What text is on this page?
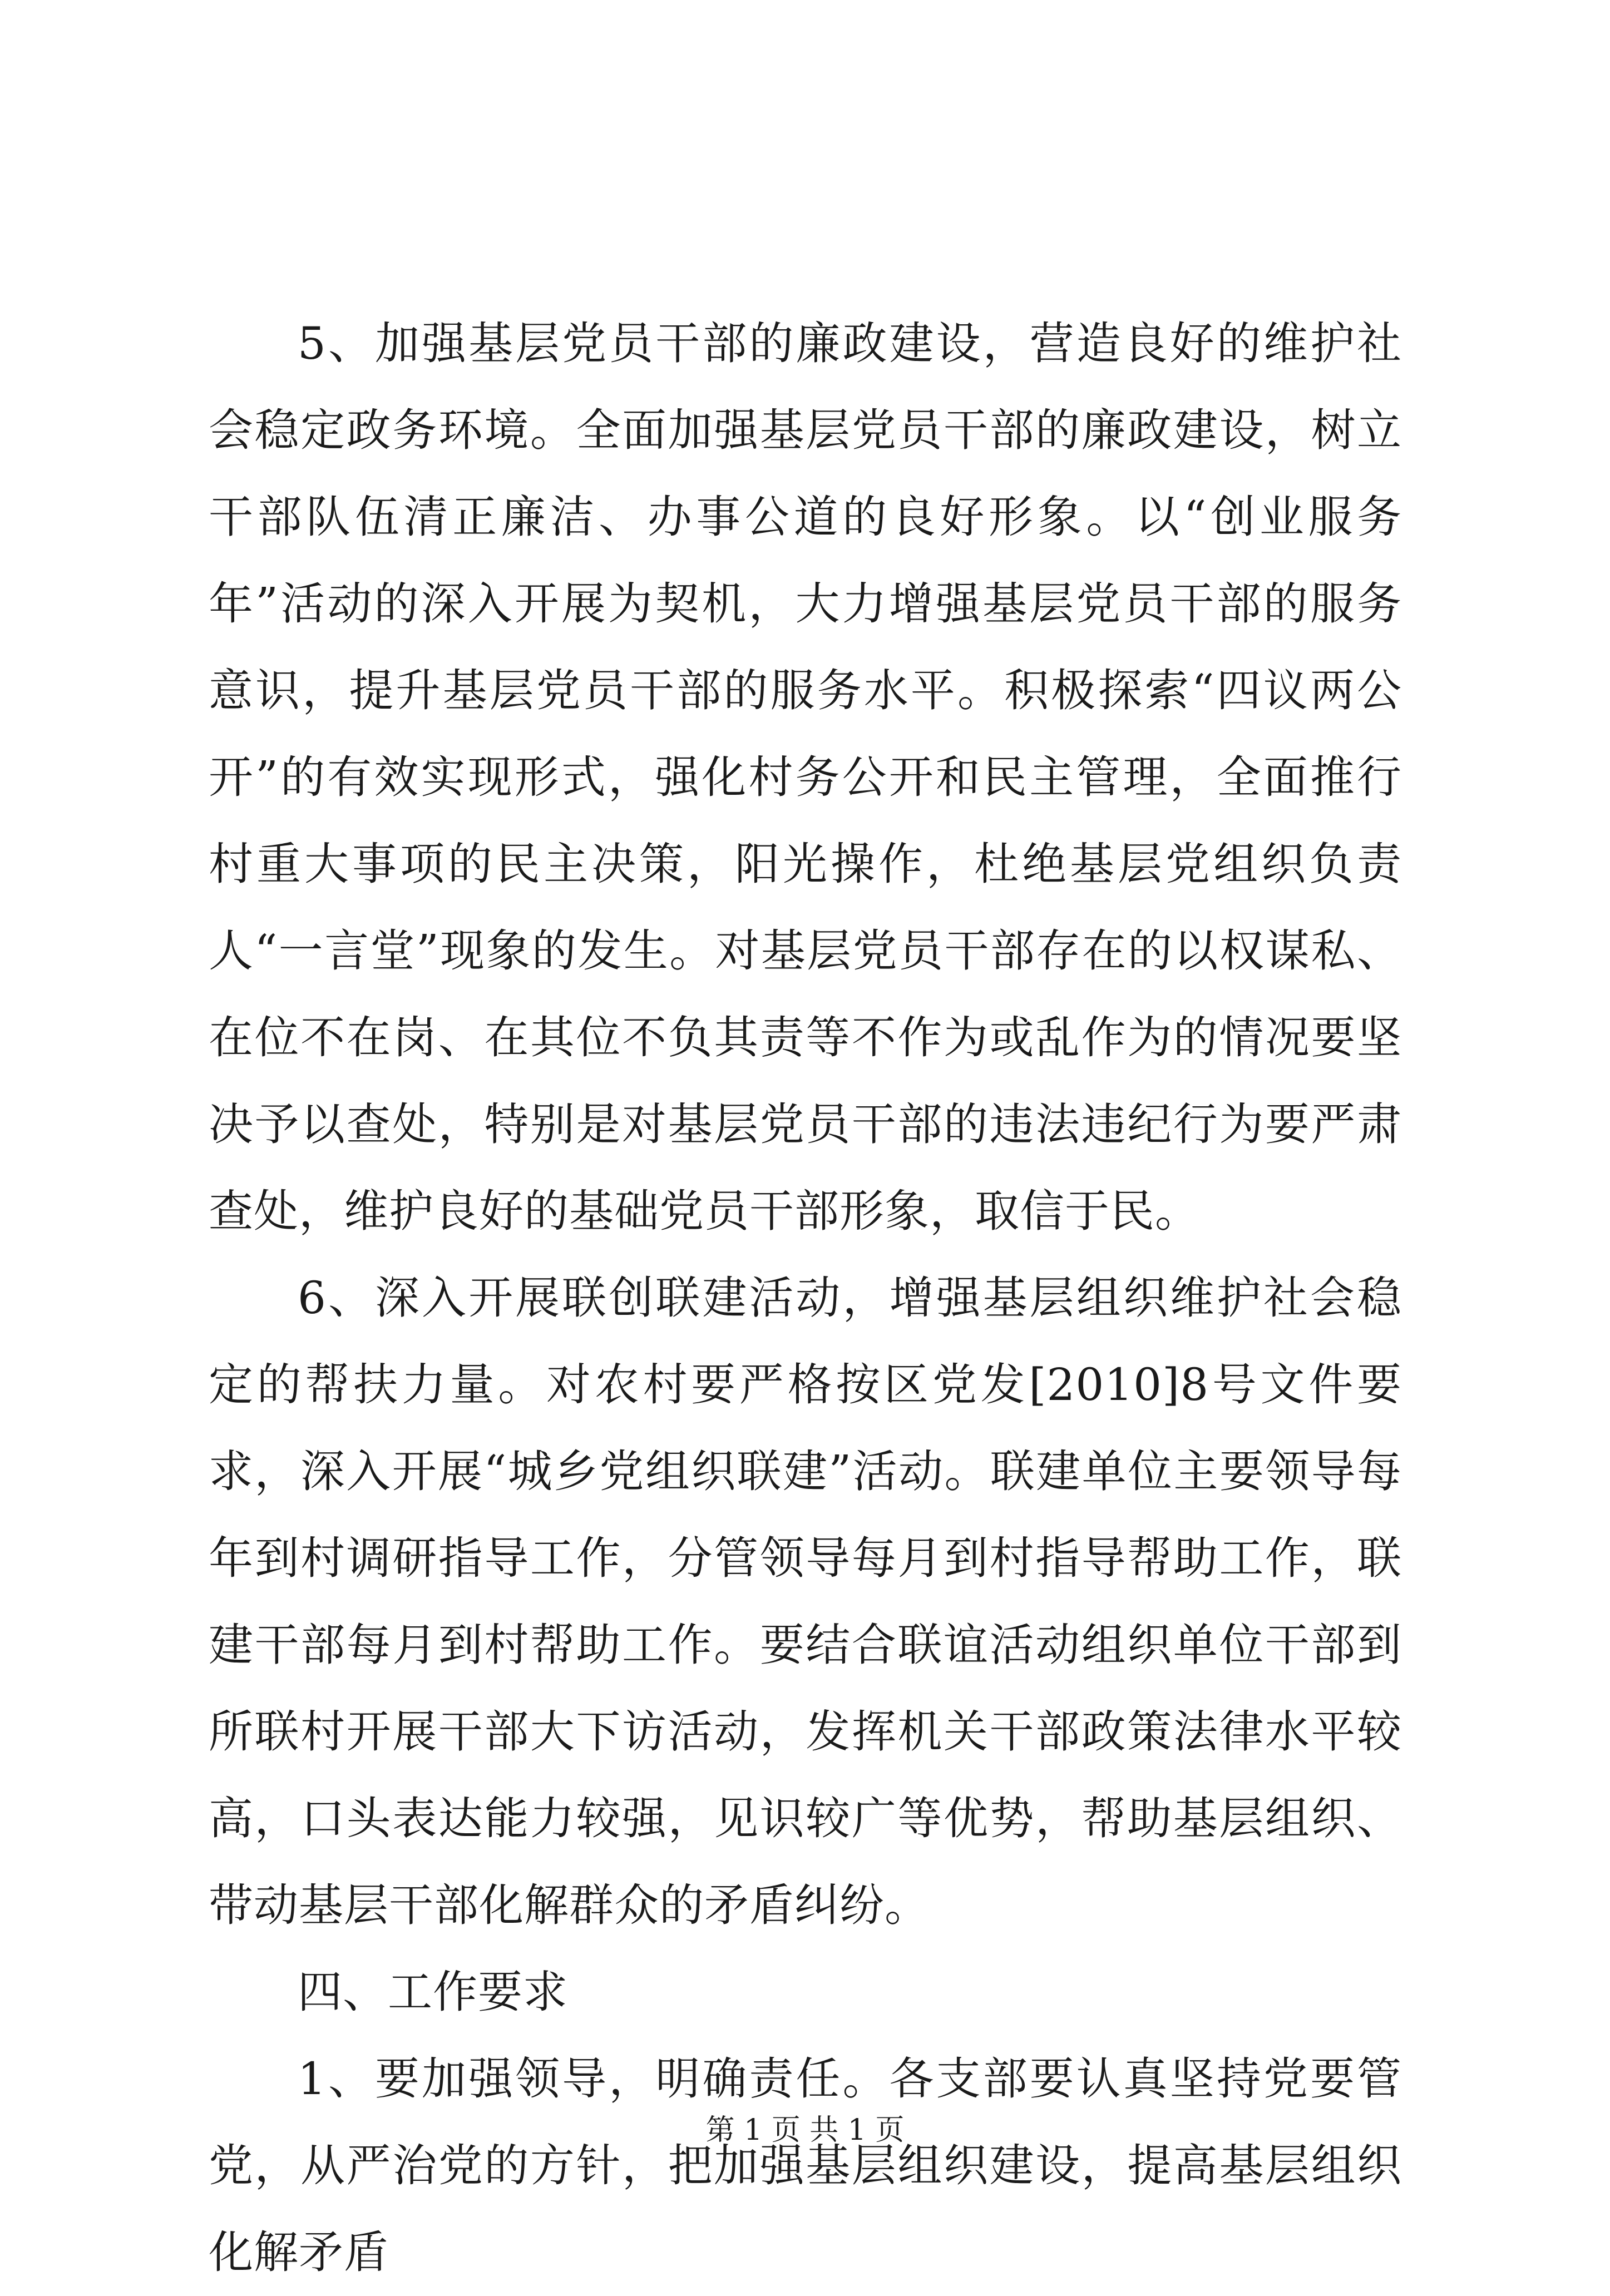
5、加强基层党员干部的廉政建设，营造良好的维护社会稳定政务环境。全面加强基层党员干部的廉政建设，树立干部队伍清正廉洁、办事公道的良好形象。以“创业服务年”活动的深入开展为契机，大力增强基层党员干部的服务意识，提升基层党员干部的服务水平。积极探索“四议两公开”的有效实现形式，强化村务公开和民主管理，全面推行村重大事项的民主决策，阳光操作，杜绝基层党组织负责人“一言堂”现象的发生。对基层党员干部存在的以权谋私、在位不在岗、在其位不负其责等不作为或乱作为的情况要坚决予以查处，特别是对基层党员干部的违法违纪行为要严肃查处，维护良好的基础党员干部形象，取信于民。

6、深入开展联创联建活动，增强基层组织维护社会稳定的帮扶力量。对农村要严格按区党发[2010]8号文件要求，深入开展“城乡党组织联建”活动。联建单位主要领导每年到村调研指导工作，分管领导每月到村指导帮助工作，联建干部每月到村帮助工作。要结合联谊活动组织单位干部到所联村开展干部大下访活动，发挥机关干部政策法律水平较高，口头表达能力较强，见识较广等优势，帮助基层组织、带动基层干部化解群众的矛盾纠纷。

四、工作要求

1、要加强领导，明确责任。各支部要认真坚持党要管党，从严治党的方针，把加强基层组织建设，提高基层组织化解矛盾

第 1 页 共 1 页
